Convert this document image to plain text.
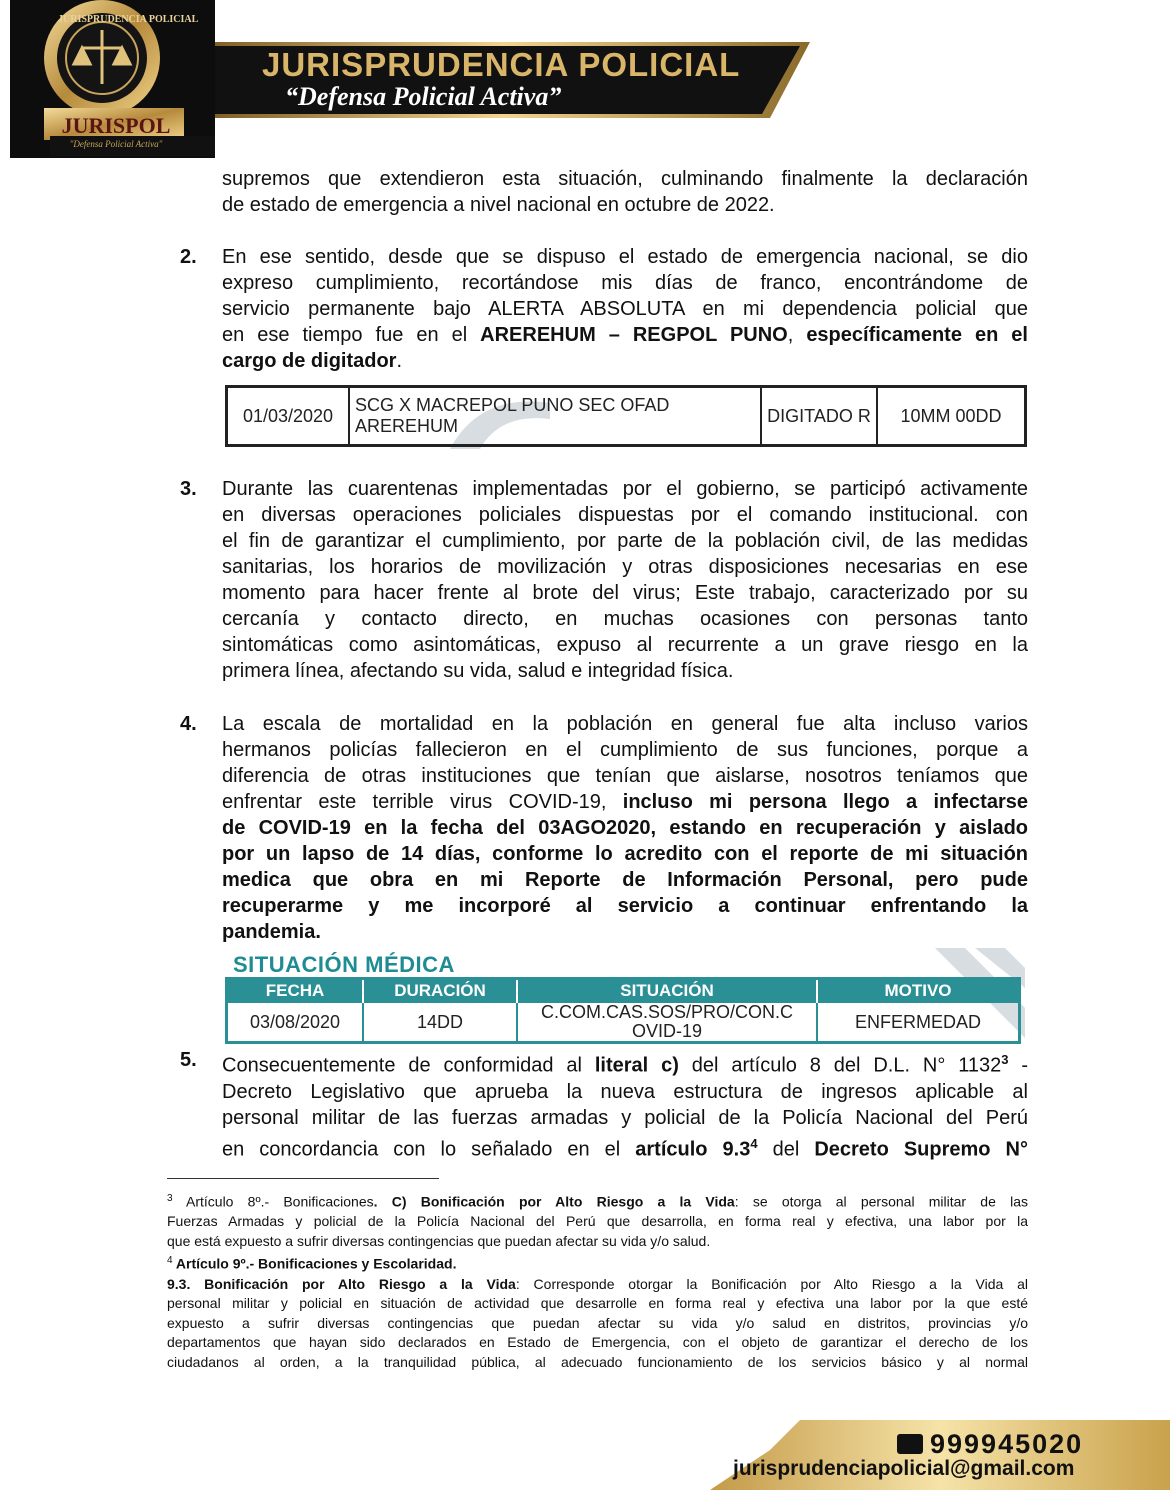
JURISPRUDENCIA POLICIAL
JURISPOL
"Defensa Policial Activa"
JURISPRUDENCIA POLICIAL
“Defensa Policial Activa”
supremos que extendieron esta situación, culminando finalmente la declaración
de estado de emergencia a nivel nacional en octubre de 2022.
2. En ese sentido, desde que se dispuso el estado de emergencia nacional, se dio
expreso cumplimiento, recortándose mis días de franco, encontrándome de
servicio permanente bajo ALERTA ABSOLUTA en mi dependencia policial que
en ese tiempo fue en el AREREHUM – REGPOL PUNO, específicamente en el
cargo de digitador.
01/03/2020	SCG X MACREPOL PUNO SEC OFAD AREREHUM	DIGITADO R	10MM 00DD
3. Durante las cuarentenas implementadas por el gobierno, se participó activamente
en diversas operaciones policiales dispuestas por el comando institucional. con
el fin de garantizar el cumplimiento, por parte de la población civil, de las medidas
sanitarias, los horarios de movilización y otras disposiciones necesarias en ese
momento para hacer frente al brote del virus; Este trabajo, caracterizado por su
cercanía y contacto directo, en muchas ocasiones con personas tanto
sintomáticas como asintomáticas, expuso al recurrente a un grave riesgo en la
primera línea, afectando su vida, salud e integridad física.
4. La escala de mortalidad en la población en general fue alta incluso varios
hermanos policías fallecieron en el cumplimiento de sus funciones, porque a
diferencia de otras instituciones que tenían que aislarse, nosotros teníamos que
enfrentar este terrible virus COVID-19, incluso mi persona llego a infectarse
de COVID-19 en la fecha del 03AGO2020, estando en recuperación y aislado
por un lapso de 14 días, conforme lo acredito con el reporte de mi situación
medica que obra en mi Reporte de Información Personal, pero pude
recuperarme y me incorporé al servicio a continuar enfrentando la
pandemia.
SITUACIÓN MÉDICA
FECHA	DURACIÓN	SITUACIÓN	MOTIVO
03/08/2020	14DD	C.COM.CAS.SOS/PRO/CON.C OVID-19	ENFERMEDAD
5. Consecuentemente de conformidad al literal c) del artículo 8 del D.L. N° 1132$^3$ -
Decreto Legislativo que aprueba la nueva estructura de ingresos aplicable al
personal militar de las fuerzas armadas y policial de la Policía Nacional del Perú
en concordancia con lo señalado en el artículo $9.3^4$ del Decreto Supremo N°
$^3$ Artículo 8º.- Bonificaciones. C) Bonificación por Alto Riesgo a la Vida: se otorga al personal militar de las
Fuerzas Armadas y policial de la Policía Nacional del Perú que desarrolla, en forma real y efectiva, una labor por la
que está expuesto a sufrir diversas contingencias que puedan afectar su vida y/o salud.
$^4$ Artículo 9º.- Bonificaciones y Escolaridad.
9.3. Bonificación por Alto Riesgo a la Vida: Corresponde otorgar la Bonificación por Alto Riesgo a la Vida al
personal militar y policial en situación de actividad que desarrolle en forma real y efectiva una labor por la que esté
expuesto a sufrir diversas contingencias que puedan afectar su vida y/o salud en distritos, provincias y/o
departamentos que hayan sido declarados en Estado de Emergencia, con el objeto de garantizar el derecho de los
ciudadanos al orden, a la tranquilidad pública, al adecuado funcionamiento de los servicios básico y al normal
999945020
jurisprudenciapolicial@gmail.com
